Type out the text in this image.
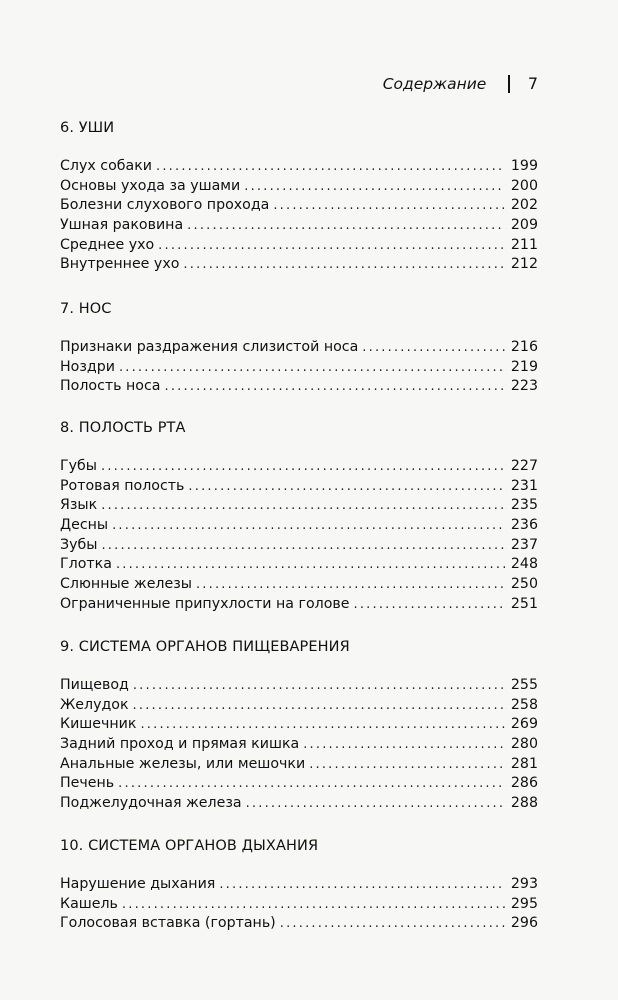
Содержание	7
6. УШИ
Слух собаки .....	199
Основы ухода за ушами .....	200
Болезни слухового прохода .....	202
Ушная раковина .....	209
Среднее ухо .....	211
Внутреннее ухо .....	212
7. НОС
Признаки раздражения слизистой носа .....	216
Ноздри .....	219
Полость носа .....	223
8. ПОЛОСТЬ РТА
Губы .....	227
Ротовая полость .....	231
Язык .....	235
Десны .....	236
Зубы .....	237
Глотка .....	248
Слюнные железы .....	250
Ограниченные припухлости на голове .....	251
9. СИСТЕМА ОРГАНОВ ПИЩЕВАРЕНИЯ
Пищевод .....	255
Желудок .....	258
Кишечник .....	269
Задний проход и прямая кишка .....	280
Анальные железы, или мешочки .....	281
Печень .....	286
Поджелудочная железа .....	288
10. СИСТЕМА ОРГАНОВ ДЫХАНИЯ
Нарушение дыхания .....	293
Кашель .....	295
Голосовая вставка (гортань) .....	296
